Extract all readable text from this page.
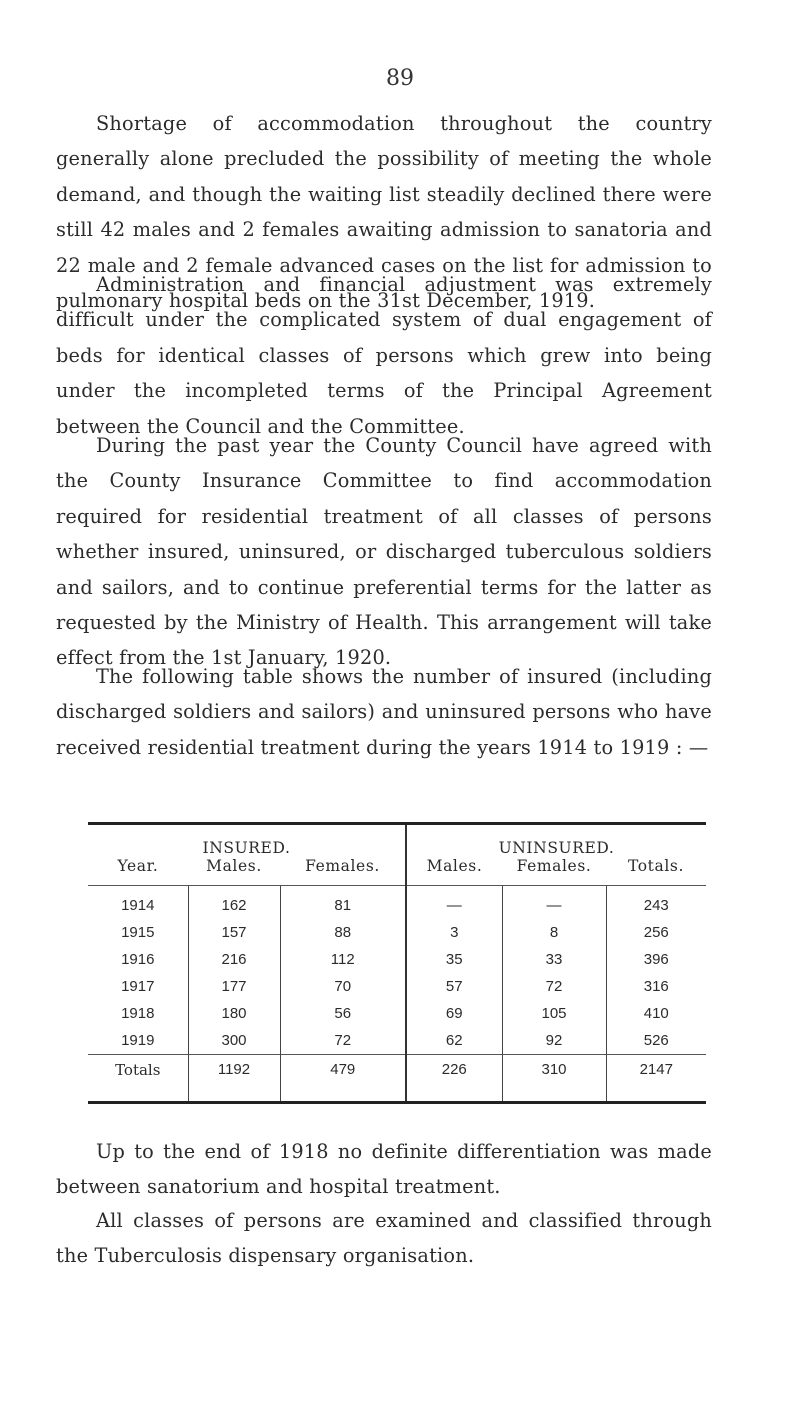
89

Shortage of accommodation throughout the country generally alone precluded the possibility of meeting the whole demand, and though the waiting list steadily declined there were still 42 males and 2 females awaiting admission to sanatoria and 22 male and 2 female advanced cases on the list for admission to pulmonary hospital beds on the 31st December, 1919.

Administration and financial adjustment was extremely difficult under the complicated system of dual engagement of beds for identical classes of persons which grew into being under the incompleted terms of the Principal Agreement between the Council and the Committee.

During the past year the County Council have agreed with the County Insurance Committee to find accommodation required for residential treatment of all classes of persons whether insured, uninsured, or discharged tuberculous soldiers and sailors, and to continue preferential terms for the latter as requested by the Ministry of Health. This arrangement will take effect from the 1st January, 1920.

The following table shows the number of insured (including discharged soldiers and sailors) and uninsured persons who have received residential treatment during the years 1914 to 1919 : —

INSURED.			UNINSURED.		
Year.	Males.	Females.	Males.	Females.	Totals.
1914	162	81	—	—	243
1915	157	88	3	8	256
1916	216	112	35	33	396
1917	177	70	57	72	316
1918	180	56	69	105	410
1919	300	72	62	92	526
Totals	1192	479	226	310	2147

Up to the end of 1918 no definite differentiation was made between sanatorium and hospital treatment.

All classes of persons are examined and classified through the Tuberculosis dispensary organisation.
